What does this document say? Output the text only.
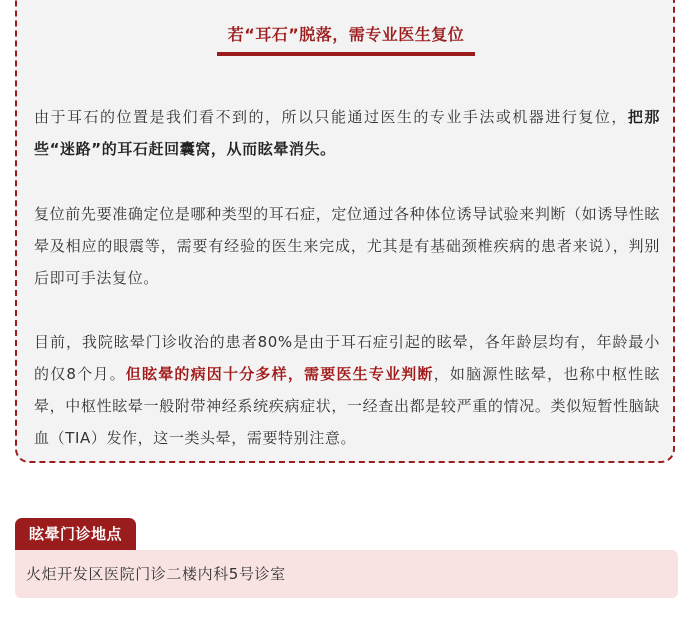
若“耳石”脱落，需专业医生复位
由于耳石的位置是我们看不到的，所以只能通过医生的专业手法或机器进行复位，把那些“迷路”的耳石赶回囊窝，从而眩晕消失。
复位前先要准确定位是哪种类型的耳石症，定位通过各种体位诱导试验来判断（如诱导性眩晕及相应的眼震等，需要有经验的医生来完成，尤其是有基础颈椎疾病的患者来说），判别后即可手法复位。
目前，我院眩晕门诊收治的患者80%是由于耳石症引起的眩晕，各年龄层均有，年龄最小的仅8个月。但眩晕的病因十分多样，需要医生专业判断，如脑源性眩晕，也称中枢性眩晕，中枢性眩晕一般附带神经系统疾病症状，一经查出都是较严重的情况。类似短暂性脑缺血（TIA）发作，这一类头晕，需要特别注意。
眩晕门诊地点
火炬开发区医院门诊二楼内科5号诊室
